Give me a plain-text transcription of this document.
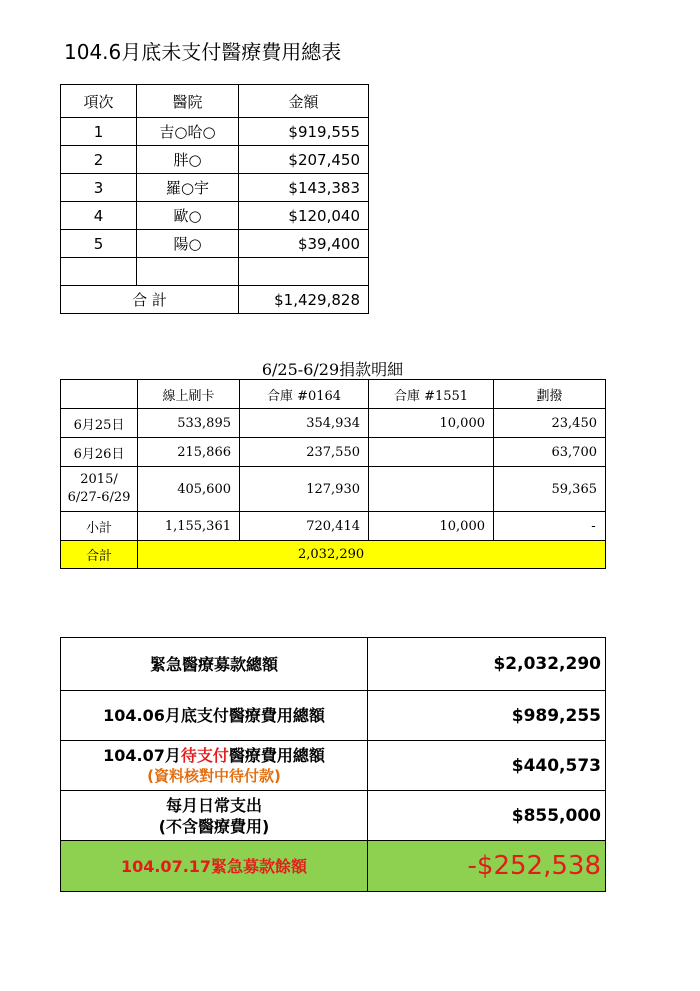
104.6月底未支付醫療費用總表
項次	醫院	金額
1	吉○哈○	$919,555
2	胖○	$207,450
3	羅○宇	$143,383
4	歐○	$120,040
5	陽○	$39,400

合 計		$1,429,828
6/25-6/29捐款明細
	線上刷卡	合庫 #0164	合庫 #1551	劃撥
6月25日	533,895	354,934	10,000	23,450
6月26日	215,866	237,550		63,700

2015/
6/27-6/29	405,600	127,930		59,365
小計	1,155,361	720,414	10,000	-
合計	2,032,290			
緊急醫療募款總額	$2,032,290
104.06月底支付醫療費用總額	$989,255

104.07月待支付醫療費用總額
(資料核對中待付款)	$440,573

每月日常支出
(不含醫療費用)	$855,000
104.07.17緊急募款餘額	-$252,538
